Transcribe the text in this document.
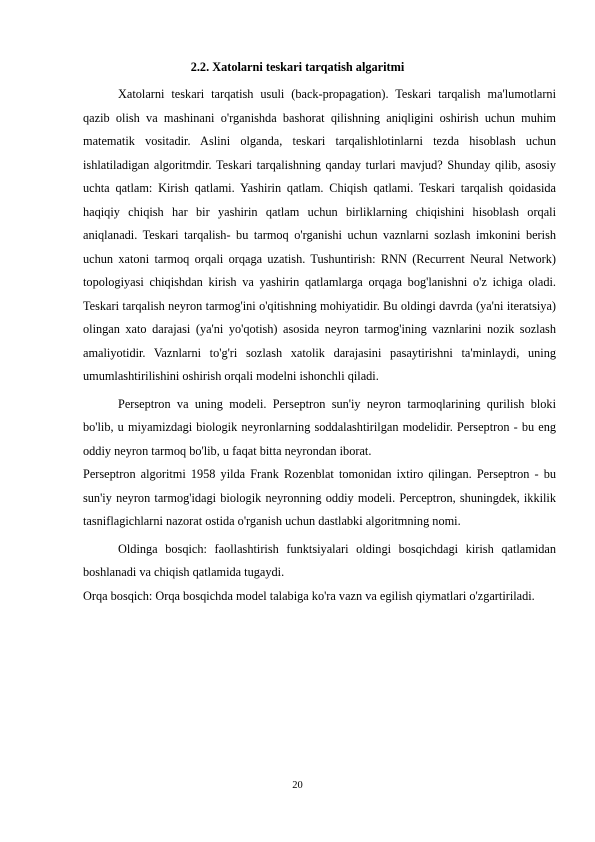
2.2. Xatolarni teskari tarqatish algaritmi

Xatolarni teskari tarqatish usuli (back-propagation). Teskari tarqalish ma'lumotlarni qazib olish va mashinani o'rganishda bashorat qilishning aniqligini oshirish uchun muhim matematik vositadir. Aslini olganda, teskari tarqalishlotinlarni tezda hisoblash uchun ishlatiladigan algoritmdir. Teskari tarqalishning qanday turlari mavjud? Shunday qilib, asosiy uchta qatlam: Kirish qatlami. Yashirin qatlam. Chiqish qatlami. Teskari tarqalish qoidasida haqiqiy chiqish har bir yashirin qatlam uchun birliklarning chiqishini hisoblash orqali aniqlanadi. Teskari tarqalish- bu tarmoq o'rganishi uchun vaznlarni sozlash imkonini berish uchun xatoni tarmoq orqali orqaga uzatish. Tushuntirish: RNN (Recurrent Neural Network) topologiyasi chiqishdan kirish va yashirin qatlamlarga orqaga bog'lanishni o'z ichiga oladi. Teskari tarqalish neyron tarmog'ini o'qitishning mohiyatidir. Bu oldingi davrda (ya'ni iteratsiya) olingan xato darajasi (ya'ni yo'qotish) asosida neyron tarmog'ining vaznlarini nozik sozlash amaliyotidir. Vaznlarni to'g'ri sozlash xatolik darajasini pasaytirishni ta'minlaydi, uning umumlashtirilishini oshirish orqali modelni ishonchli qiladi.

Perseptron va uning modeli. Perseptron sun'iy neyron tarmoqlarining qurilish bloki bo'lib, u miyamizdagi biologik neyronlarning soddalashtirilgan modelidir. Perseptron - bu eng oddiy neyron tarmoq bo'lib, u faqat bitta neyrondan iborat.

Perseptron algoritmi 1958 yilda Frank Rozenblat tomonidan ixtiro qilingan. Perseptron - bu sun'iy neyron tarmog'idagi biologik neyronning oddiy modeli. Perceptron, shuningdek, ikkilik tasniflagichlarni nazorat ostida o'rganish uchun dastlabki algoritmning nomi.

Oldinga bosqich: faollashtirish funktsiyalari oldingi bosqichdagi kirish qatlamidan boshlanadi va chiqish qatlamida tugaydi.

Orqa bosqich: Orqa bosqichda model talabiga ko'ra vazn va egilish qiymatlari o'zgartiriladi.

20
